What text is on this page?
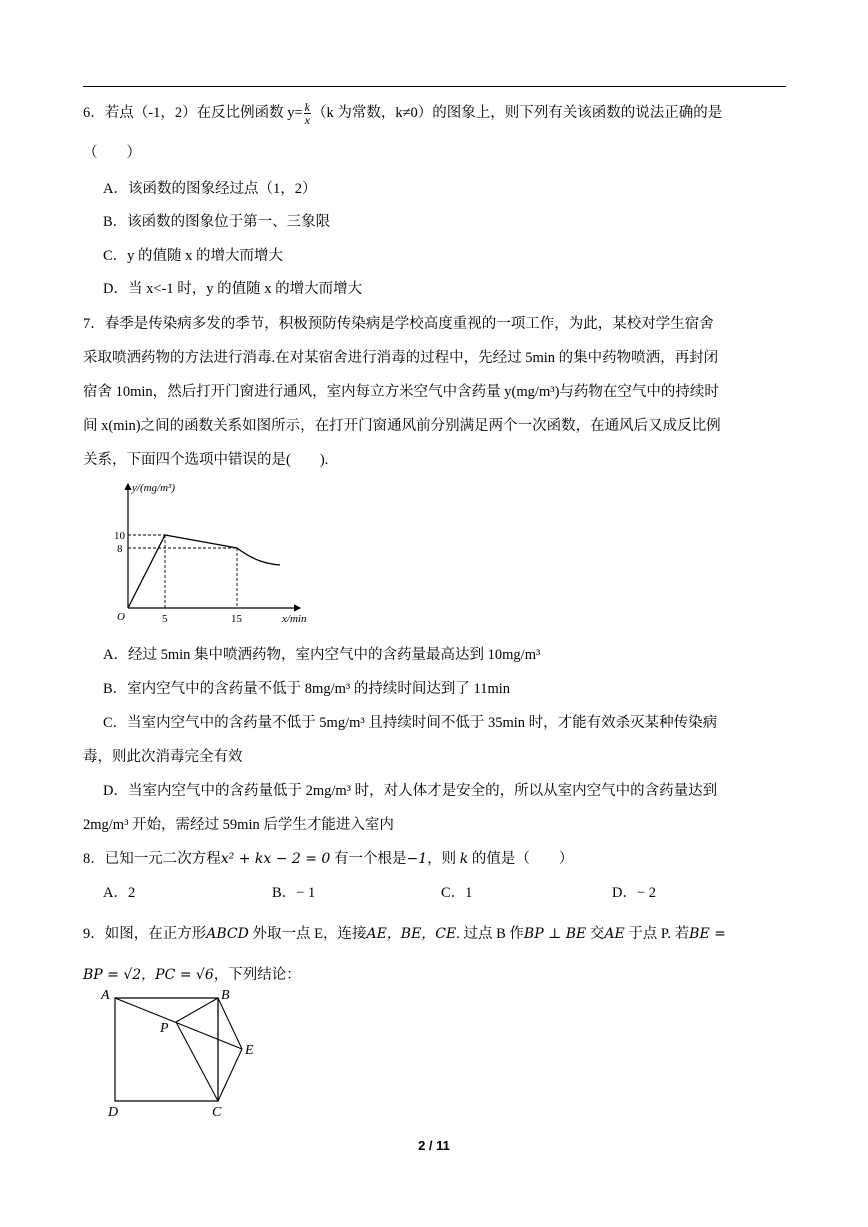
6．若点（-1，2）在反比例函数 $y= \frac{k}{x} (k$ 为常数，k≠0）的图象上，则下列有关该函数的说法正确的是
（　　）
A．该函数的图象经过点（1，2）
B．该函数的图象位于第一、三象限
C．y 的值随 x 的增大而增大
D．当 x<-1 时，y 的值随 x 的增大而增大
7．春季是传染病多发的季节，积极预防传染病是学校高度重视的一项工作，为此，某校对学生宿舍
采取喷洒药物的方法进行消毒.在对某宿舍进行消毒的过程中，先经过 5min 的集中药物喷洒，再封闭
宿舍 10min，然后打开门窗进行通风，室内每立方米空气中含药量 y(mg/m³)与药物在空气中的持续时
间 x(min)之间的函数关系如图所示，在打开门窗通风前分别满足两个一次函数，在通风后又成反比例
关系，下面四个选项中错误的是(　　).
y/(mg/m³)
x/min
O
10
8
5	15
A．经过 5min 集中喷洒药物，室内空气中的含药量最高达到 10mg/m³
B．室内空气中的含药量不低于 8mg/m³ 的持续时间达到了 11min
C．当室内空气中的含药量不低于 5mg/m³ 且持续时间不低于 35min 时，才能有效杀灭某种传染病
毒，则此次消毒完全有效
D．当室内空气中的含药量低于 2mg/m³ 时，对人体才是安全的，所以从室内空气中的含药量达到
2mg/m³ 开始，需经过 59min 后学生才能进入室内
8．已知一元二次方程x² + kx − 2 = 0 有一个根是−1，则 k 的值是（　　）
A．2	B．− 1	C．1	D．− 2
9．如图，在正方形ABCD 外取一点 E，连接AE，BE，CE. 过点 B 作BP ⊥ BE 交AE 于点 P. 若BE =
BP = √2，PC = √6，下列结论：
A	B
C
D
E
P
2 / 11
